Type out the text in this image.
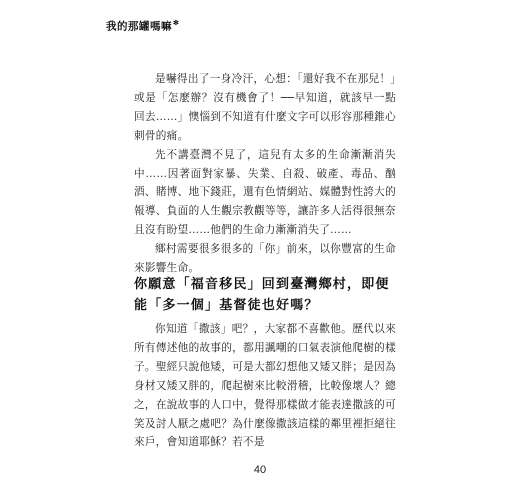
我的那罐嗎嘛✻

是嚇得出了一身冷汗，心想：「還好我不在那兒！」或是「怎麼辦？沒有機會了！──早知道，就該早一點回去……」懊惱到不知道有什麼文字可以形容那種錐心刺骨的痛。

先不講臺灣不見了，這兒有太多的生命漸漸消失中……因著面對家暴、失業、自殺、破產、毒品、酗酒、賭博、地下錢莊，還有色情網站、媒體對性誇大的報導、負面的人生觀宗教觀等等，讓許多人活得很無奈且沒有盼望……他們的生命力漸漸消失了……

鄉村需要很多很多的「你」前來，以你豐富的生命來影響生命。

你願意「福音移民」回到臺灣鄉村，即便能「多一個」基督徒也好嗎？

你知道「撒該」吧？，大家都不喜歡他。歷代以來所有傳述他的故事的，都用諷嘲的口氣表演他爬樹的樣子。聖經只說他矮，可是大都幻想他又矮又胖；是因為身材又矮又胖的，爬起樹來比較滑稽，比較像壞人？總之，在說故事的人口中，覺得那樣做才能表達撒該的可笑及討人厭之處吧？為什麼像撒該這樣的鄰里裡拒絕往來戶，會知道耶穌？若不是

40
